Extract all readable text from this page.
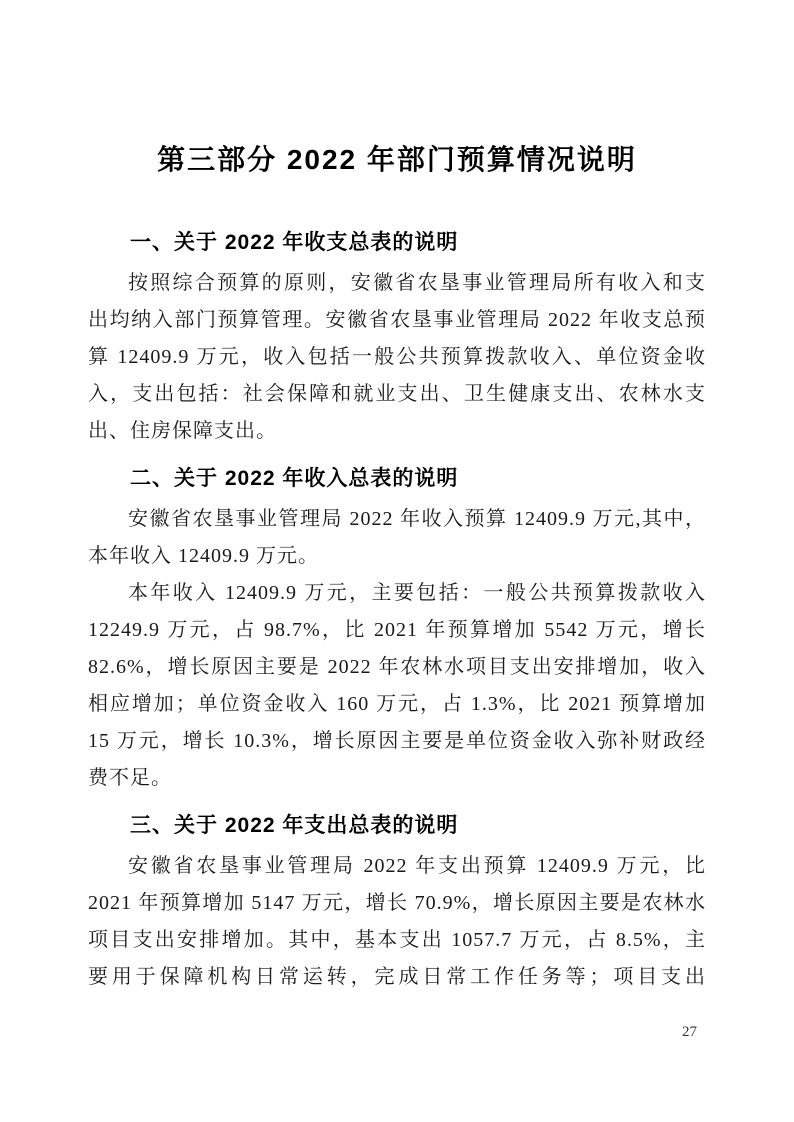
第三部分 2022 年部门预算情况说明
一、关于 2022 年收支总表的说明
按照综合预算的原则，安徽省农垦事业管理局所有收入和支
出均纳入部门预算管理。安徽省农垦事业管理局 2022 年收支总预
算 12409.9 万元，收入包括一般公共预算拨款收入、单位资金收
入，支出包括：社会保障和就业支出、卫生健康支出、农林水支
出、住房保障支出。
二、关于 2022 年收入总表的说明
安徽省农垦事业管理局 2022 年收入预算 12409.9 万元,其中，
本年收入 12409.9 万元。
本年收入 12409.9 万元，主要包括：一般公共预算拨款收入
12249.9 万元，占 98.7%，比 2021 年预算增加 5542 万元，增长
82.6%，增长原因主要是 2022 年农林水项目支出安排增加，收入
相应增加；单位资金收入 160 万元，占 1.3%，比 2021 预算增加
15 万元，增长 10.3%，增长原因主要是单位资金收入弥补财政经
费不足。
三、关于 2022 年支出总表的说明
安徽省农垦事业管理局 2022 年支出预算 12409.9 万元，比
2021 年预算增加 5147 万元，增长 70.9%，增长原因主要是农林水
项目支出安排增加。其中，基本支出 1057.7 万元，占 8.5%，主
要用于保障机构日常运转，完成日常工作任务等；项目支出
27
